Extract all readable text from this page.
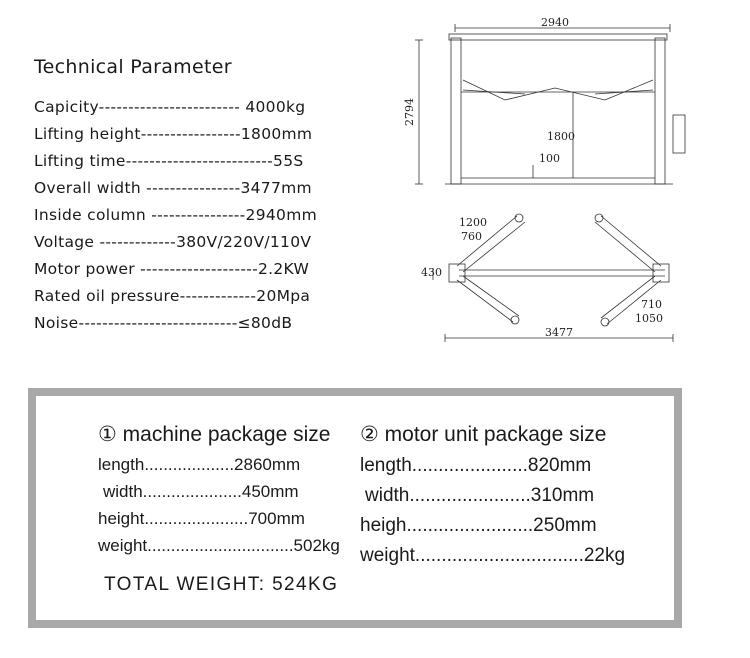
Technical Parameter
Capicity------------------------ 4000kg
Lifting height-----------------1800mm
Lifting time-------------------------55S
Overall width ----------------3477mm
Inside column ----------------2940mm
Voltage -------------380V/220V/110V
Motor power --------------------2.2KW
Rated oil pressure-------------20Mpa
Noise---------------------------≤80dB
2940
2794
1800
100
1200
760
430
710
1050
3477
① machine package size
length...................2860mm
width.....................450mm
height......................700mm
weight...............................502kg
② motor unit package size
length......................820mm
width.......................310mm
heigh........................250mm
weight................................22kg
TOTAL WEIGHT: 524KG
